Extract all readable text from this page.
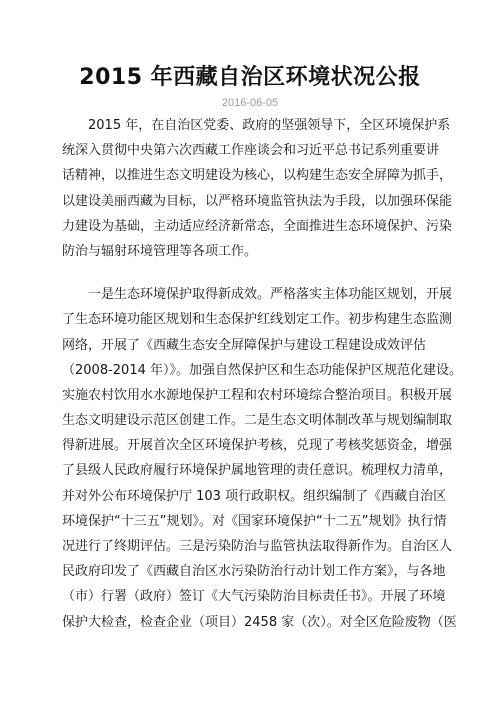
2015 年西藏自治区环境状况公报
2016-06-05
2015 年，在自治区党委、政府的坚强领导下，全区环境保护系
统深入贯彻中央第六次西藏工作座谈会和习近平总书记系列重要讲
话精神，以推进生态文明建设为核心，以构建生态安全屏障为抓手，
以建设美丽西藏为目标，以严格环境监管执法为手段，以加强环保能
力建设为基础，主动适应经济新常态，全面推进生态环境保护、污染
防治与辐射环境管理等各项工作。
一是生态环境保护取得新成效。严格落实主体功能区规划，开展
了生态环境功能区规划和生态保护红线划定工作。初步构建生态监测
网络，开展了《西藏生态安全屏障保护与建设工程建设成效评估
（2008-2014 年）》。加强自然保护区和生态功能保护区规范化建设。
实施农村饮用水水源地保护工程和农村环境综合整治项目。积极开展
生态文明建设示范区创建工作。二是生态文明体制改革与规划编制取
得新进展。开展首次全区环境保护考核，兑现了考核奖惩资金，增强
了县级人民政府履行环境保护属地管理的责任意识。梳理权力清单，
并对外公布环境保护厅 103 项行政职权。组织编制了《西藏自治区
环境保护“十三五”规划》。对《国家环境保护“十二五”规划》执行情
况进行了终期评估。三是污染防治与监管执法取得新作为。自治区人
民政府印发了《西藏自治区水污染防治行动计划工作方案》，与各地
（市）行署（政府）签订《大气污染防治目标责任书》。开展了环境
保护大检查，检查企业（项目）2458 家（次）。对全区危险废物（医
